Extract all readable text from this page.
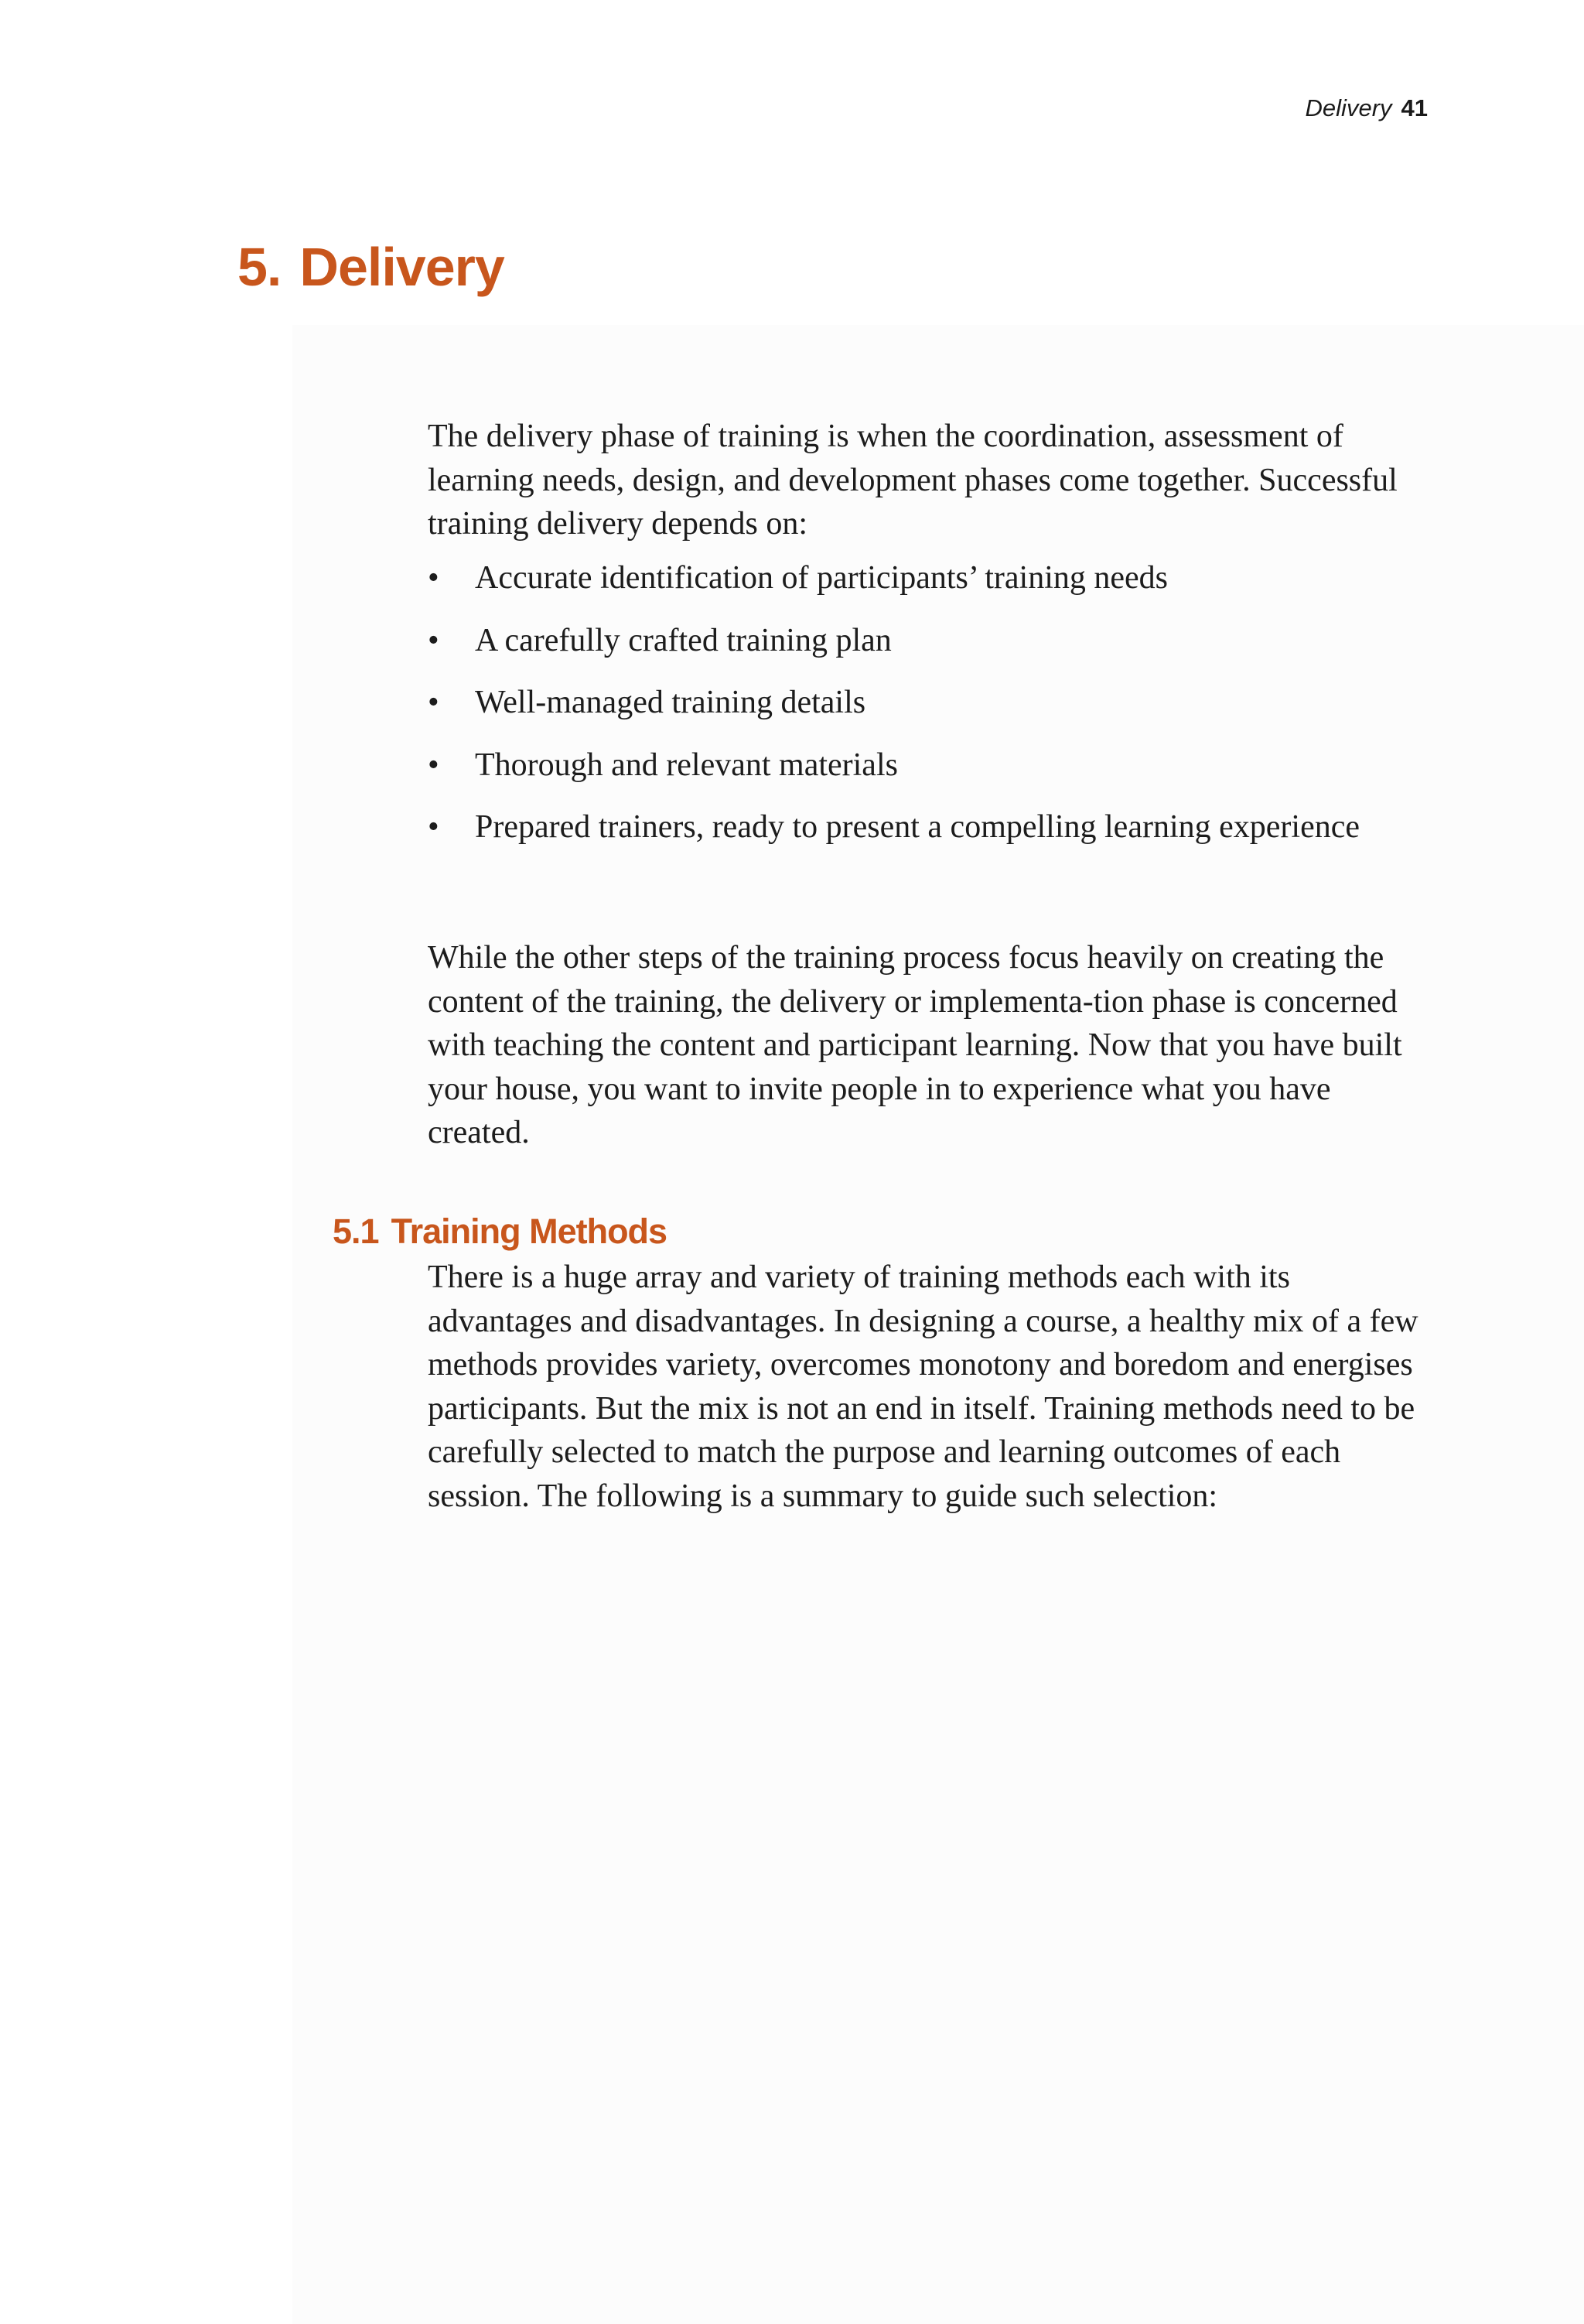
Delivery 41
5. Delivery

The delivery phase of training is when the coordination, assessment of learning needs, design, and development phases come together. Successful training delivery depends on:

• Accurate identification of participants’ training needs
• A carefully crafted training plan
• Well-managed training details
• Thorough and relevant materials
• Prepared trainers, ready to present a compelling learning experience

While the other steps of the training process focus heavily on creating the content of the training, the delivery or implementa-tion phase is concerned with teaching the content and participant learning. Now that you have built your house, you want to invite people in to experience what you have created.

5.1 Training Methods

There is a huge array and variety of training methods each with its advantages and disadvantages. In designing a course, a healthy mix of a few methods provides variety, overcomes monotony and boredom and energises participants. But the mix is not an end in itself. Training methods need to be carefully selected to match the purpose and learning outcomes of each session. The following is a summary to guide such selection:
